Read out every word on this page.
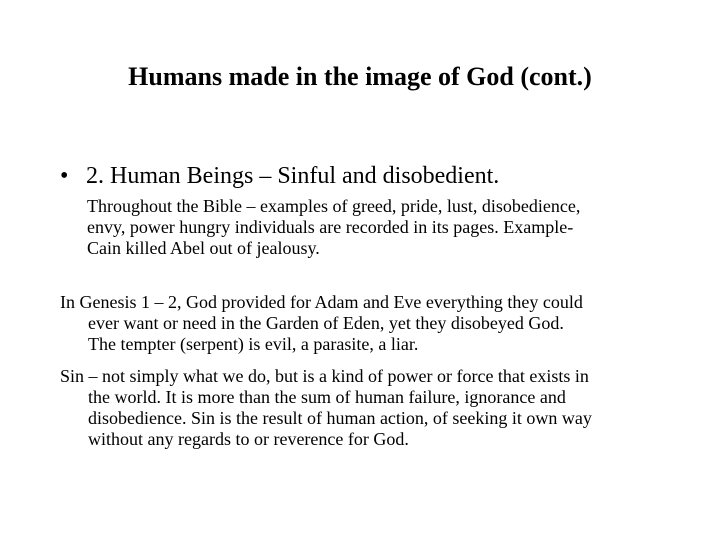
Humans made in the image of God (cont.)
• 2. Human Beings – Sinful and disobedient.

Throughout the Bible – examples of greed, pride, lust, disobedience,
envy, power hungry individuals are recorded in its pages. Example-
Cain killed Abel out of jealousy.

In Genesis 1 – 2, God provided for Adam and Eve everything they could
ever want or need in the Garden of Eden, yet they disobeyed God.
The tempter (serpent) is evil, a parasite, a liar.

Sin – not simply what we do, but is a kind of power or force that exists in
the world. It is more than the sum of human failure, ignorance and
disobedience. Sin is the result of human action, of seeking it own way
without any regards to or reverence for God.
